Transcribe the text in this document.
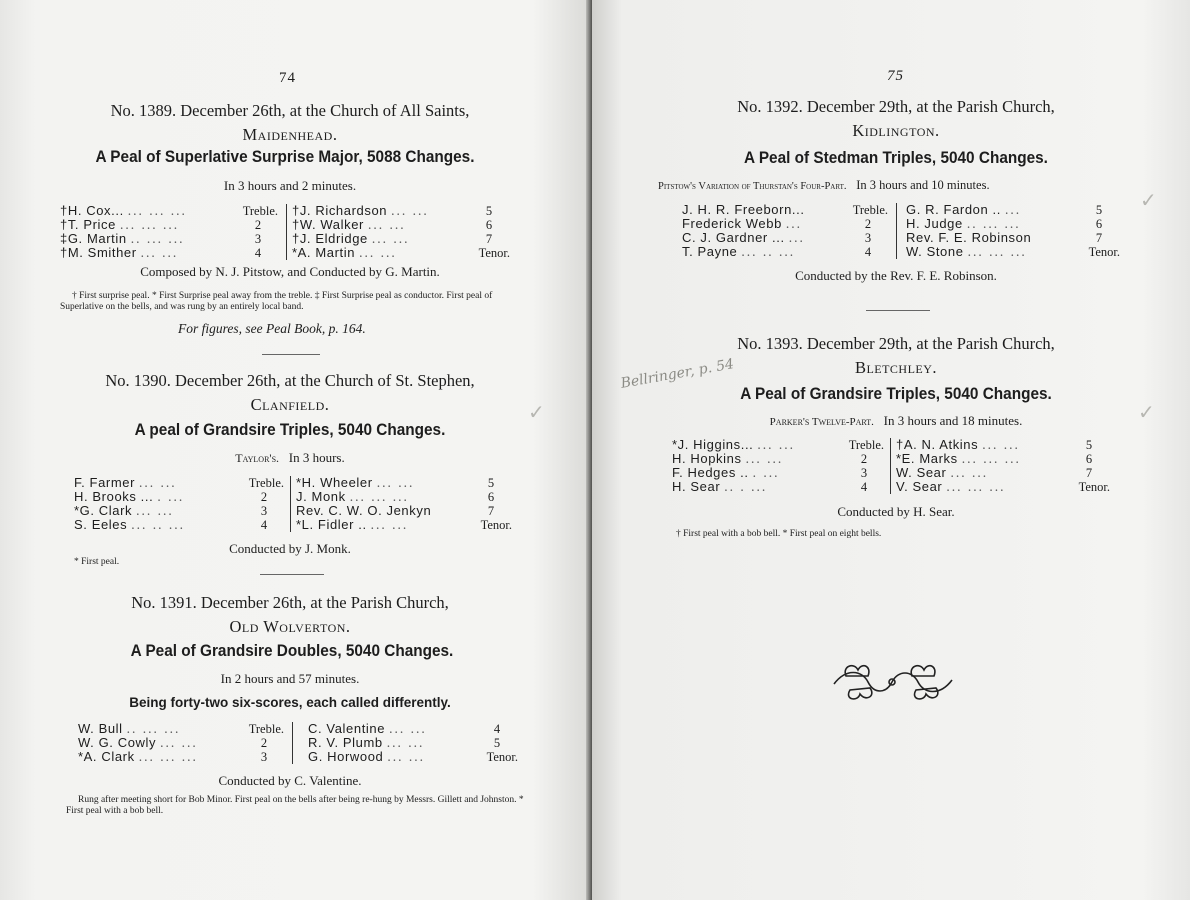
74
No. 1389. December 26th, at the Church of All Saints,
Maidenhead.
A Peal of Superlative Surprise Major, 5088 Changes.
In 3 hours and 2 minutes.
†H. Cox... ... ... ...	Treble.
†T. Price ... ... ...	2
‡G. Martin .. ... ...	3
†M. Smither ... ...	4
†J. Richardson ... ...	5
†W. Walker ... ...	6
†J. Eldridge ... ...	7
*A. Martin ... ...	Tenor.
Composed by N. J. Pitstow, and Conducted by G. Martin.
† First surprise peal. * First Surprise peal away from the treble. ‡ First Surprise peal as conductor. First peal of Superlative on the bells, and was rung by an entirely local band.
For figures, see Peal Book, p. 164.
No. 1390. December 26th, at the Church of St. Stephen,
Clanfield.
A peal of Grandsire Triples, 5040 Changes.
Taylor's. In 3 hours.
F. Farmer ... ...	Treble.
H. Brooks ... . ...	2
*G. Clark ... ...	3
S. Eeles ... .. ...	4
*H. Wheeler ... ...	5
J. Monk ... ... ...	6
Rev. C. W. O. Jenkyn	7
*L. Fidler .. ... ...	Tenor.
Conducted by J. Monk.
* First peal.
No. 1391. December 26th, at the Parish Church,
Old Wolverton.
A Peal of Grandsire Doubles, 5040 Changes.
In 2 hours and 57 minutes.
Being forty-two six-scores, each called differently.
W. Bull .. ... ...	Treble.
W. G. Cowly ... ...	2
*A. Clark ... ... ...	3
C. Valentine ... ...	4
R. V. Plumb ... ...	5
G. Horwood ... ...	Tenor.
Conducted by C. Valentine.
Rung after meeting short for Bob Minor. First peal on the bells after being re-hung by Messrs. Gillett and Johnston. * First peal with a bob bell.
75
No. 1392. December 29th, at the Parish Church,
Kidlington.
A Peal of Stedman Triples, 5040 Changes.
Pitstow's Variation of Thurstan's Four-Part. In 3 hours and 10 minutes.
J. H. R. Freeborn...	Treble.
Frederick Webb ...	2
C. J. Gardner ... ...	3
T. Payne ... .. ...	4
G. R. Fardon .. ...	5
H. Judge .. ... ...	6
Rev. F. E. Robinson	7
W. Stone ... ... ...	Tenor.
Conducted by the Rev. F. E. Robinson.
No. 1393. December 29th, at the Parish Church,
Bletchley.
Bellringer, p. 54
A Peal of Grandsire Triples, 5040 Changes.
Parker's Twelve-Part. In 3 hours and 18 minutes.
*J. Higgins... ... ...	Treble.
H. Hopkins ... ...	2
F. Hedges .. . ...	3
H. Sear .. . ...	4
†A. N. Atkins ... ...	5
*E. Marks ... ... ...	6
W. Sear ... ...	7
V. Sear ... ... ...	Tenor.
Conducted by H. Sear.
† First peal with a bob bell. * First peal on eight bells.
✓
✓
✓
